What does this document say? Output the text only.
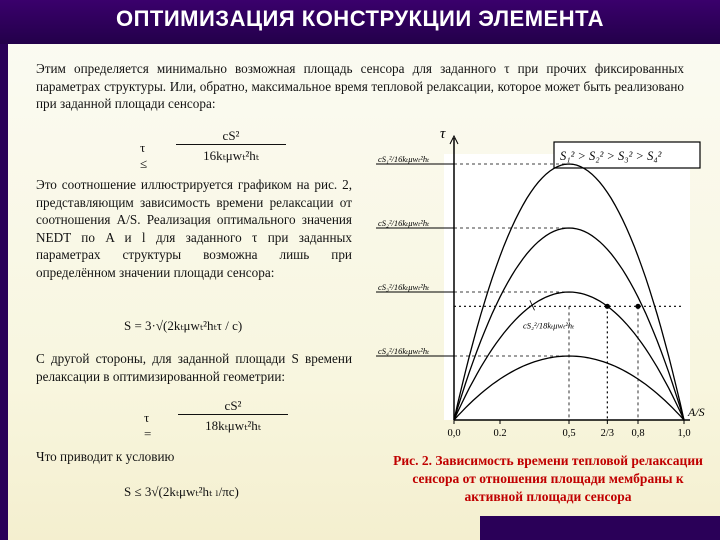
ОПТИМИЗАЦИЯ КОНСТРУКЦИИ ЭЛЕМЕНТА
Этим определяется минимально возможная площадь сенсора для заданного τ при прочих фиксированных параметрах структуры. Или, обратно, максимальное время тепловой релаксации, которое может быть реализовано при заданной площади сенсора:
τ ≤
cS²
16kₜμwₜ²hₜ
Это соотношение иллюстрируется графиком на рис. 2, представляющим зависимость времени релаксации от соотношения A/S. Реализация оптимального значения NEDT по A и l для заданного τ при заданных параметрах структуры возможна лишь при определённом значении площади сенсора:
S = 3·√(2kₜμwₜ²hₜτ / c)
С другой стороны, для заданной площади S времени релаксации в оптимизированной геометрии:
τ =
cS²
18kₜμwₜ²hₜ
Что приводит к условию
S ≤ 3√(2kₜμwₜ²hₜ ₗ/πc)
τ
A/S
S₁² > S₂² > S₃² > S₄²
cS₁²/16kₜμwₜ²hₜ
cS₂²/16kₜμwₜ²hₜ
cS₃²/16kₜμwₜ²hₜ
cS₄²/16kₜμwₜ²hₜ
cS₂²/18kₜμwₜ²hₜ
0,0	0.2	0,5 2/3 0,8	1,0
Рис. 2. Зависимость времени тепловой релаксации сенсора от отношения площади мембраны к активной площади сенсора
